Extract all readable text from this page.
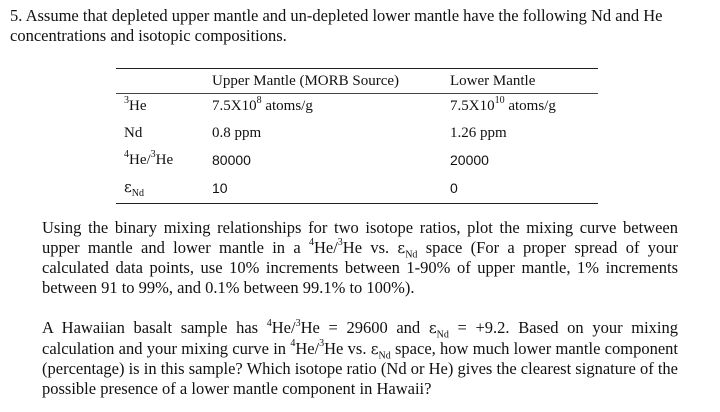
5. Assume that depleted upper mantle and un-depleted lower mantle have the following Nd and He concentrations and isotopic compositions.
	Upper Mantle (MORB Source)	Lower Mantle
$^3$He	$7.5X10^8$ atoms/g	$7.5X10^{10}$ atoms/g
Nd	0.8 ppm	1.26 ppm
$^4$He/$^3$He	80000	20000
$\varepsilon_{Nd}$	10	0

Using the binary mixing relationships for two isotope ratios, plot the mixing curve between upper mantle and lower mantle in a $^4$He/$^3$He vs. $\varepsilon_{Nd}$ space (For a proper spread of your calculated data points, use 10% increments between 1-90% of upper mantle, 1% increments between 91 to 99%, and 0.1% between 99.1% to 100%).

A Hawaiian basalt sample has $^4$He/$^3$He = 29600 and $\varepsilon_{Nd} = +9.2$. Based on your mixing calculation and your mixing curve in $^4$He/$^3$He vs. $\varepsilon_{Nd}$ space, how much lower mantle component (percentage) is in this sample? Which isotope ratio (Nd or He) gives the clearest signature of the possible presence of a lower mantle component in Hawaii?
